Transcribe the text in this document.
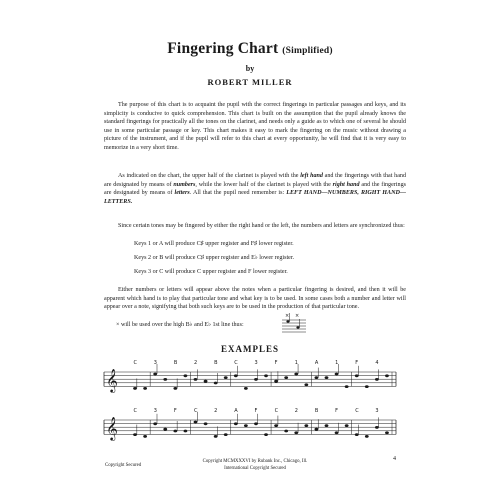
Fingering Chart (Simplified)
by
ROBERT MILLER
The purpose of this chart is to acquaint the pupil with the correct fingerings in particular passages and keys, and its simplicity is conducive to quick comprehension. This chart is built on the assumption that the pupil already knows the standard fingerings for practically all the tones on the clarinet, and needs only a guide as to which one of several he should use in some particular passage or key. This chart makes it easy to mark the fingering on the music without drawing a picture of the instrument, and if the pupil will refer to this chart at every opportunity, he will find that it is very easy to memorize in a very short time.
As indicated on the chart, the upper half of the clarinet is played with the left hand and the fingerings with that hand are designated by means of numbers, while the lower half of the clarinet is played with the right hand and the fingerings are designated by means of letters. All that the pupil need remember is: LEFT HAND—NUMBERS, RIGHT HAND—LETTERS.
Since certain tones may be fingered by either the right hand or the left, the numbers and letters are synchronized thus:
Keys 1 or A will produce C♯ upper register and F♯ lower register.
Keys 2 or B will produce C♯ upper register and E♭ lower register.
Keys 3 or C will produce C upper register and F lower register.
Either numbers or letters will appear above the notes when a particular fingering is desired, and then it will be apparent which hand is to play that particular tone and what key is to be used. In some cases both a number and letter will appear over a note, signifying that both such keys are to be used in the production of that particular tone.
× will be used over the high B♭ and E♭ 1st line thus:
× ×
EXAMPLES
𝄞
C	3	B	2	B	C	3	F	1	A	1	F	4
𝄞
C	3	F	C	2	A	F	C	2	B	F	C	3
Copyright Secured
Copyright MCMXXXVI by Rubank Inc., Chicago, Ill.
International Copyright Secured
4
